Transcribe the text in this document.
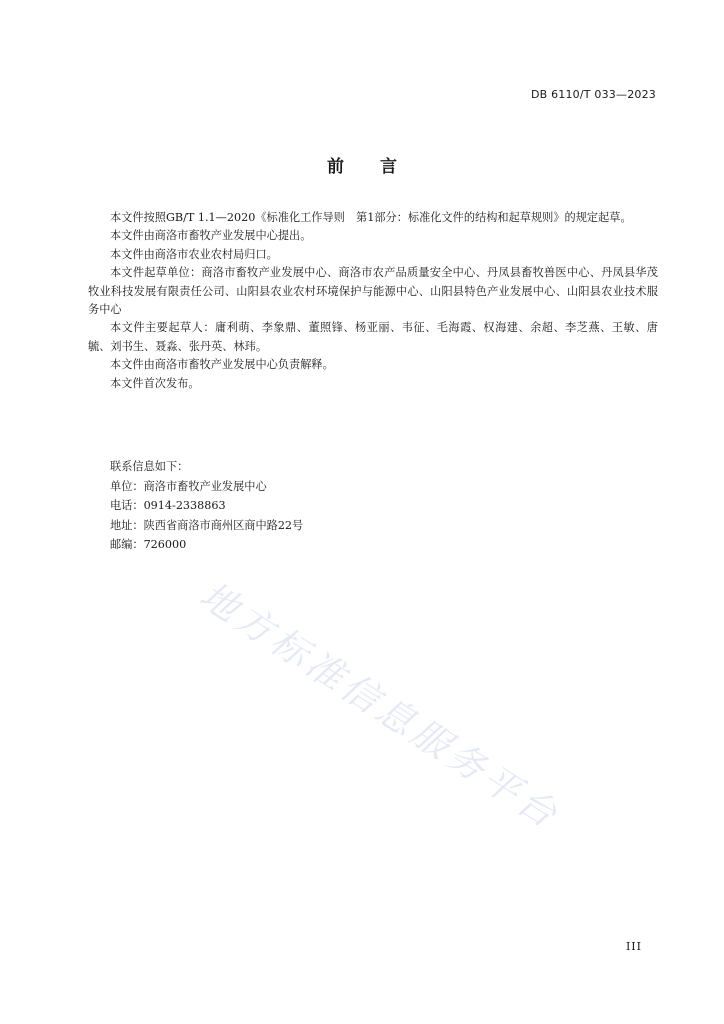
DB 6110/T 033—2023
前言

本文件按照GB/T 1.1—2020《标准化工作导则　第1部分：标准化文件的结构和起草规则》的规定起草。

本文件由商洛市畜牧产业发展中心提出。

本文件由商洛市农业农村局归口。

本文件起草单位：商洛市畜牧产业发展中心、商洛市农产品质量安全中心、丹凤县畜牧兽医中心、丹凤县华茂牧业科技发展有限责任公司、山阳县农业农村环境保护与能源中心、山阳县特色产业发展中心、山阳县农业技术服务中心

本文件主要起草人：庸利萌、李象鼎、董照锋、杨亚丽、韦征、毛海霞、权海建、余超、李芝燕、王敏、唐毓、刘书生、聂淼、张丹英、林玮。

本文件由商洛市畜牧产业发展中心负责解释。

本文件首次发布。

联系信息如下：
单位：商洛市畜牧产业发展中心
电话：0914-2338863
地址：陕西省商洛市商州区商中路22号
邮编：726000
地方标准信息服务平台
III
